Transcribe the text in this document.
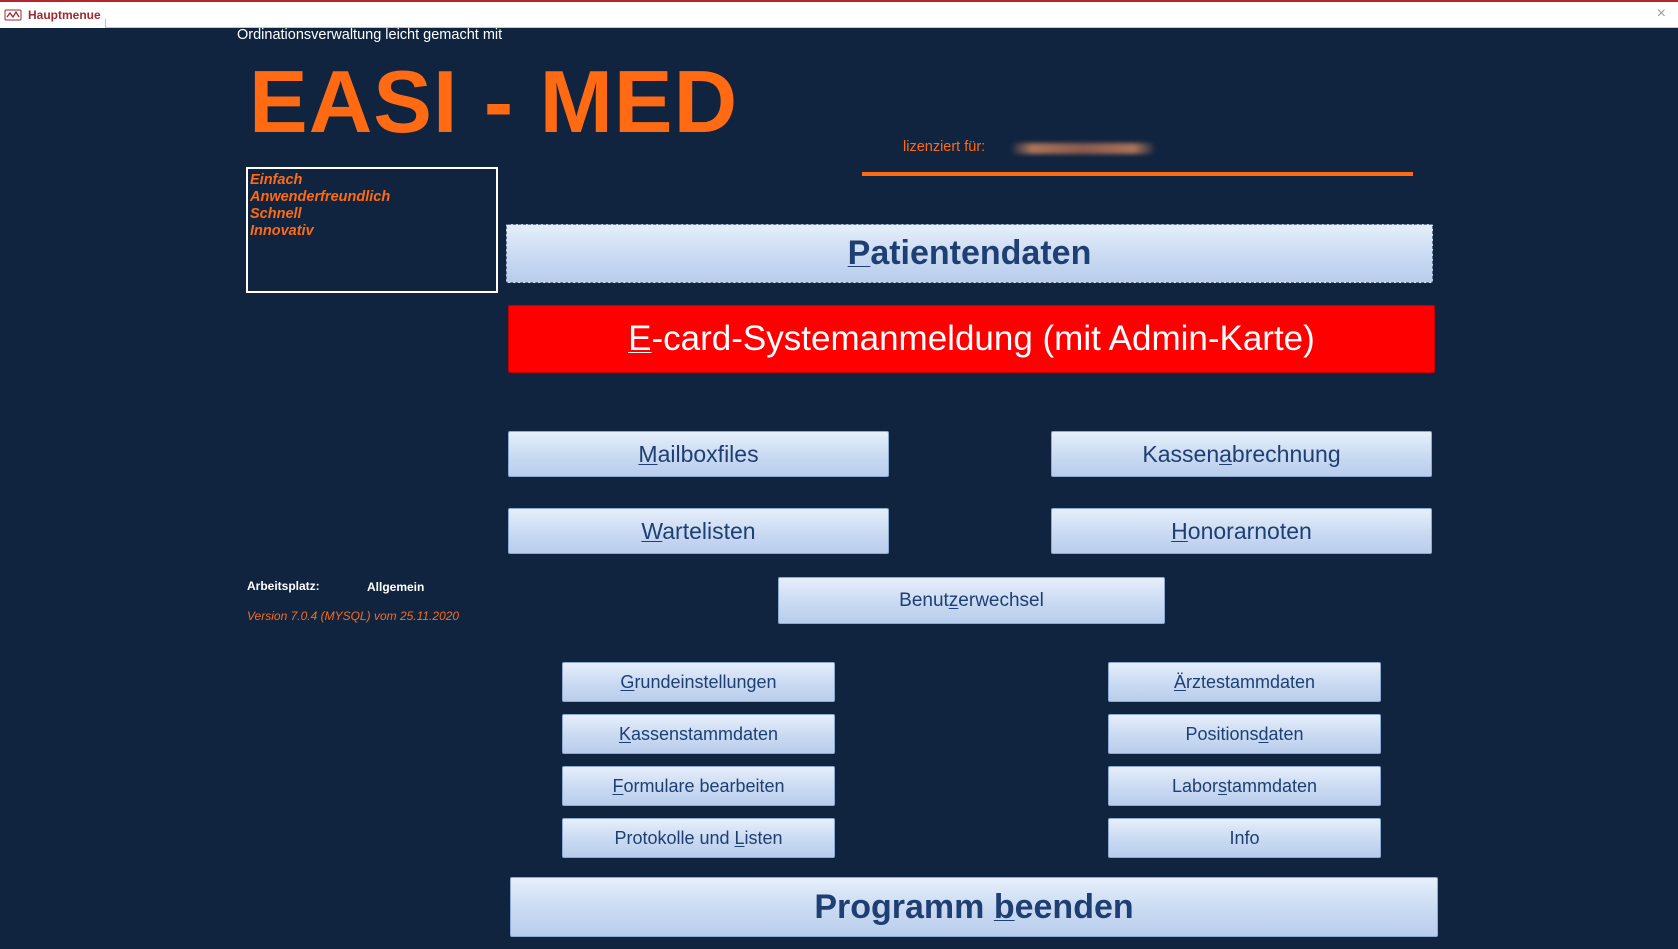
Hauptmenue	×
Ordinationsverwaltung leicht gemacht mit
EASI - MED	lizenziert für:
Einfach
Anwenderfreundlich
Schnell
Innovativ
Arbeitsplatz:	Allgemein
Version 7.0.4 (MYSQL) vom 25.11.2020
Patientendaten
E-card-Systemanmeldung (mit Admin-Karte)
Mailboxfiles	Kassenabrechnung
Wartelisten	Honorarnoten
Benutzerwechsel
Grundeinstellungen
Kassenstammdaten
Formulare bearbeiten
Protokolle und Listen
Ärztestammdaten
Positionsdaten
Laborstammdaten
Info
Programm beenden
